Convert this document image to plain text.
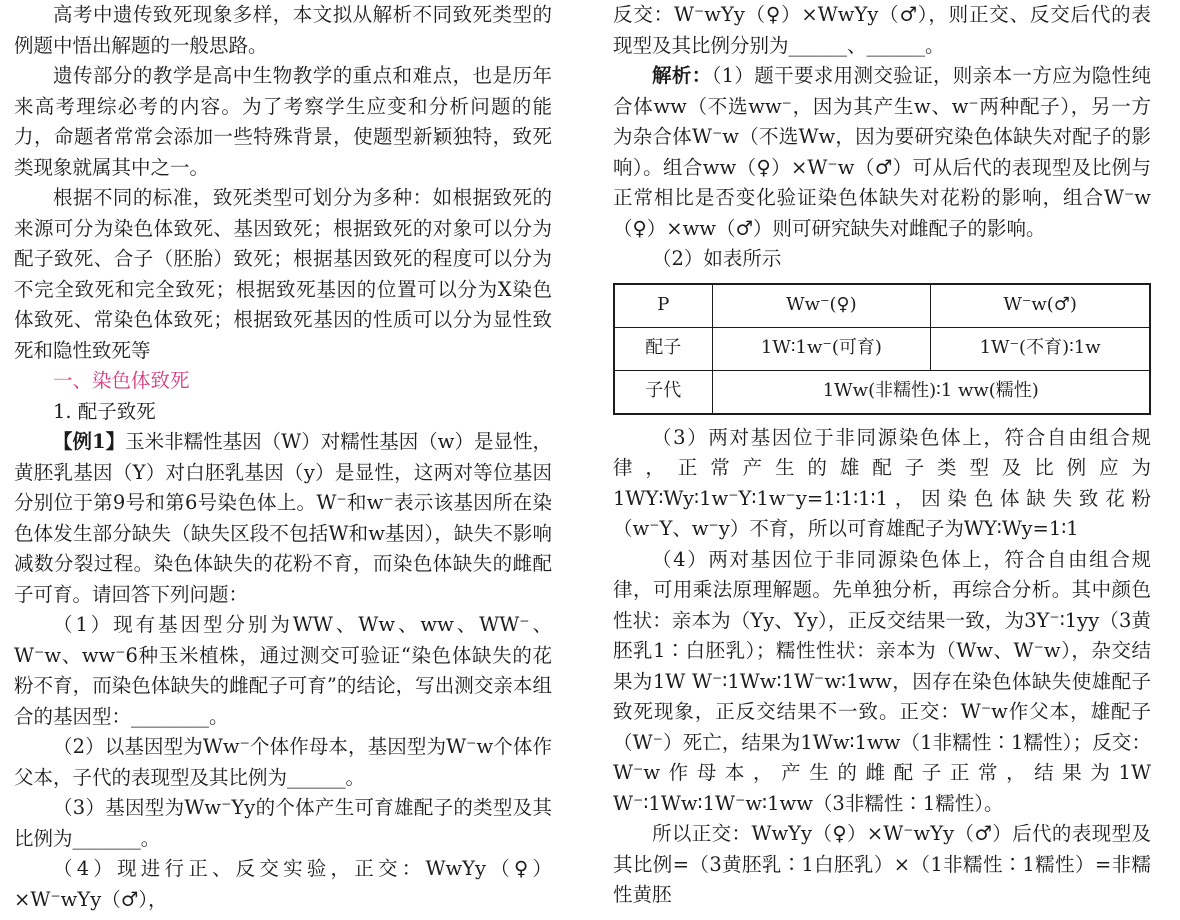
高考中遗传致死现象多样，本文拟从解析不同致死类型的例题中悟出解题的一般思路。

遗传部分的教学是高中生物教学的重点和难点，也是历年来高考理综必考的内容。为了考察学生应变和分析问题的能力，命题者常常会添加一些特殊背景，使题型新颖独特，致死类现象就属其中之一。

根据不同的标准，致死类型可划分为多种：如根据致死的来源可分为染色体致死、基因致死；根据致死的对象可以分为配子致死、合子（胚胎）致死；根据基因致死的程度可以分为不完全致死和完全致死；根据致死基因的位置可以分为X染色体致死、常染色体致死；根据致死基因的性质可以分为显性致死和隐性致死等

一、染色体致死

1. 配子致死

【例1】玉米非糯性基因（W）对糯性基因（w）是显性，黄胚乳基因（Y）对白胚乳基因（y）是显性，这两对等位基因分别位于第9号和第6号染色体上。W⁻和w⁻表示该基因所在染色体发生部分缺失（缺失区段不包括W和w基因），缺失不影响减数分裂过程。染色体缺失的花粉不育，而染色体缺失的雌配子可育。请回答下列问题：

（1）现有基因型分别为WW、Ww、ww、WW⁻、W⁻w、ww⁻6种玉米植株，通过测交可验证“染色体缺失的花粉不育，而染色体缺失的雌配子可育”的结论，写出测交亲本组合的基因型：________。

（2）以基因型为Ww⁻个体作母本，基因型为W⁻w个体作父本，子代的表现型及其比例为______。

（3）基因型为Ww⁻Yy的个体产生可育雄配子的类型及其比例为_______。

（4）现进行正、反交实验，正交：WwYy（♀）×W⁻wYy（♂），

反交：W⁻wYy（♀）×WwYy（♂），则正交、反交后代的表现型及其比例分别为______、______。

解析：（1）题干要求用测交验证，则亲本一方应为隐性纯合体ww（不选ww⁻，因为其产生w、w⁻两种配子），另一方为杂合体W⁻w（不选Ww，因为要研究染色体缺失对配子的影响）。组合ww（♀）×W⁻w（♂）可从后代的表现型及比例与正常相比是否变化验证染色体缺失对花粉的影响，组合W⁻w（♀）×ww（♂）则可研究缺失对雌配子的影响。

（2）如表所示

P	Ww⁻(♀)	W⁻w(♂)
配子	1W∶1w⁻(可育)	1W⁻(不育)∶1w
子代	1Ww(非糯性)∶1 ww(糯性)	

（3）两对基因位于非同源染色体上，符合自由组合规律，正常产生的雄配子类型及比例应为1WY∶Wy∶1w⁻Y∶1w⁻y=1∶1∶1∶1，因染色体缺失致花粉（w⁻Y、w⁻y）不育，所以可育雄配子为WY∶Wy=1∶1

（4）两对基因位于非同源染色体上，符合自由组合规律，可用乘法原理解题。先单独分析，再综合分析。其中颜色性状：亲本为（Yy、Yy），正反交结果一致，为3Y⁻∶1yy（3黄胚乳1∶白胚乳）；糯性性状：亲本为（Ww、W⁻w），杂交结果为1W W⁻∶1Ww∶1W⁻w∶1ww，因存在染色体缺失使雄配子致死现象，正反交结果不一致。正交：W⁻w作父本，雄配子（W⁻）死亡，结果为1Ww∶1ww（1非糯性∶1糯性）；反交：W⁻w作母本，产生的雌配子正常，结果为1W W⁻∶1Ww∶1W⁻w∶1ww（3非糯性∶1糯性）。

所以正交：WwYy（♀）×W⁻wYy（♂）后代的表现型及其比例=（3黄胚乳∶1白胚乳）×（1非糯性∶1糯性）=非糯性黄胚
